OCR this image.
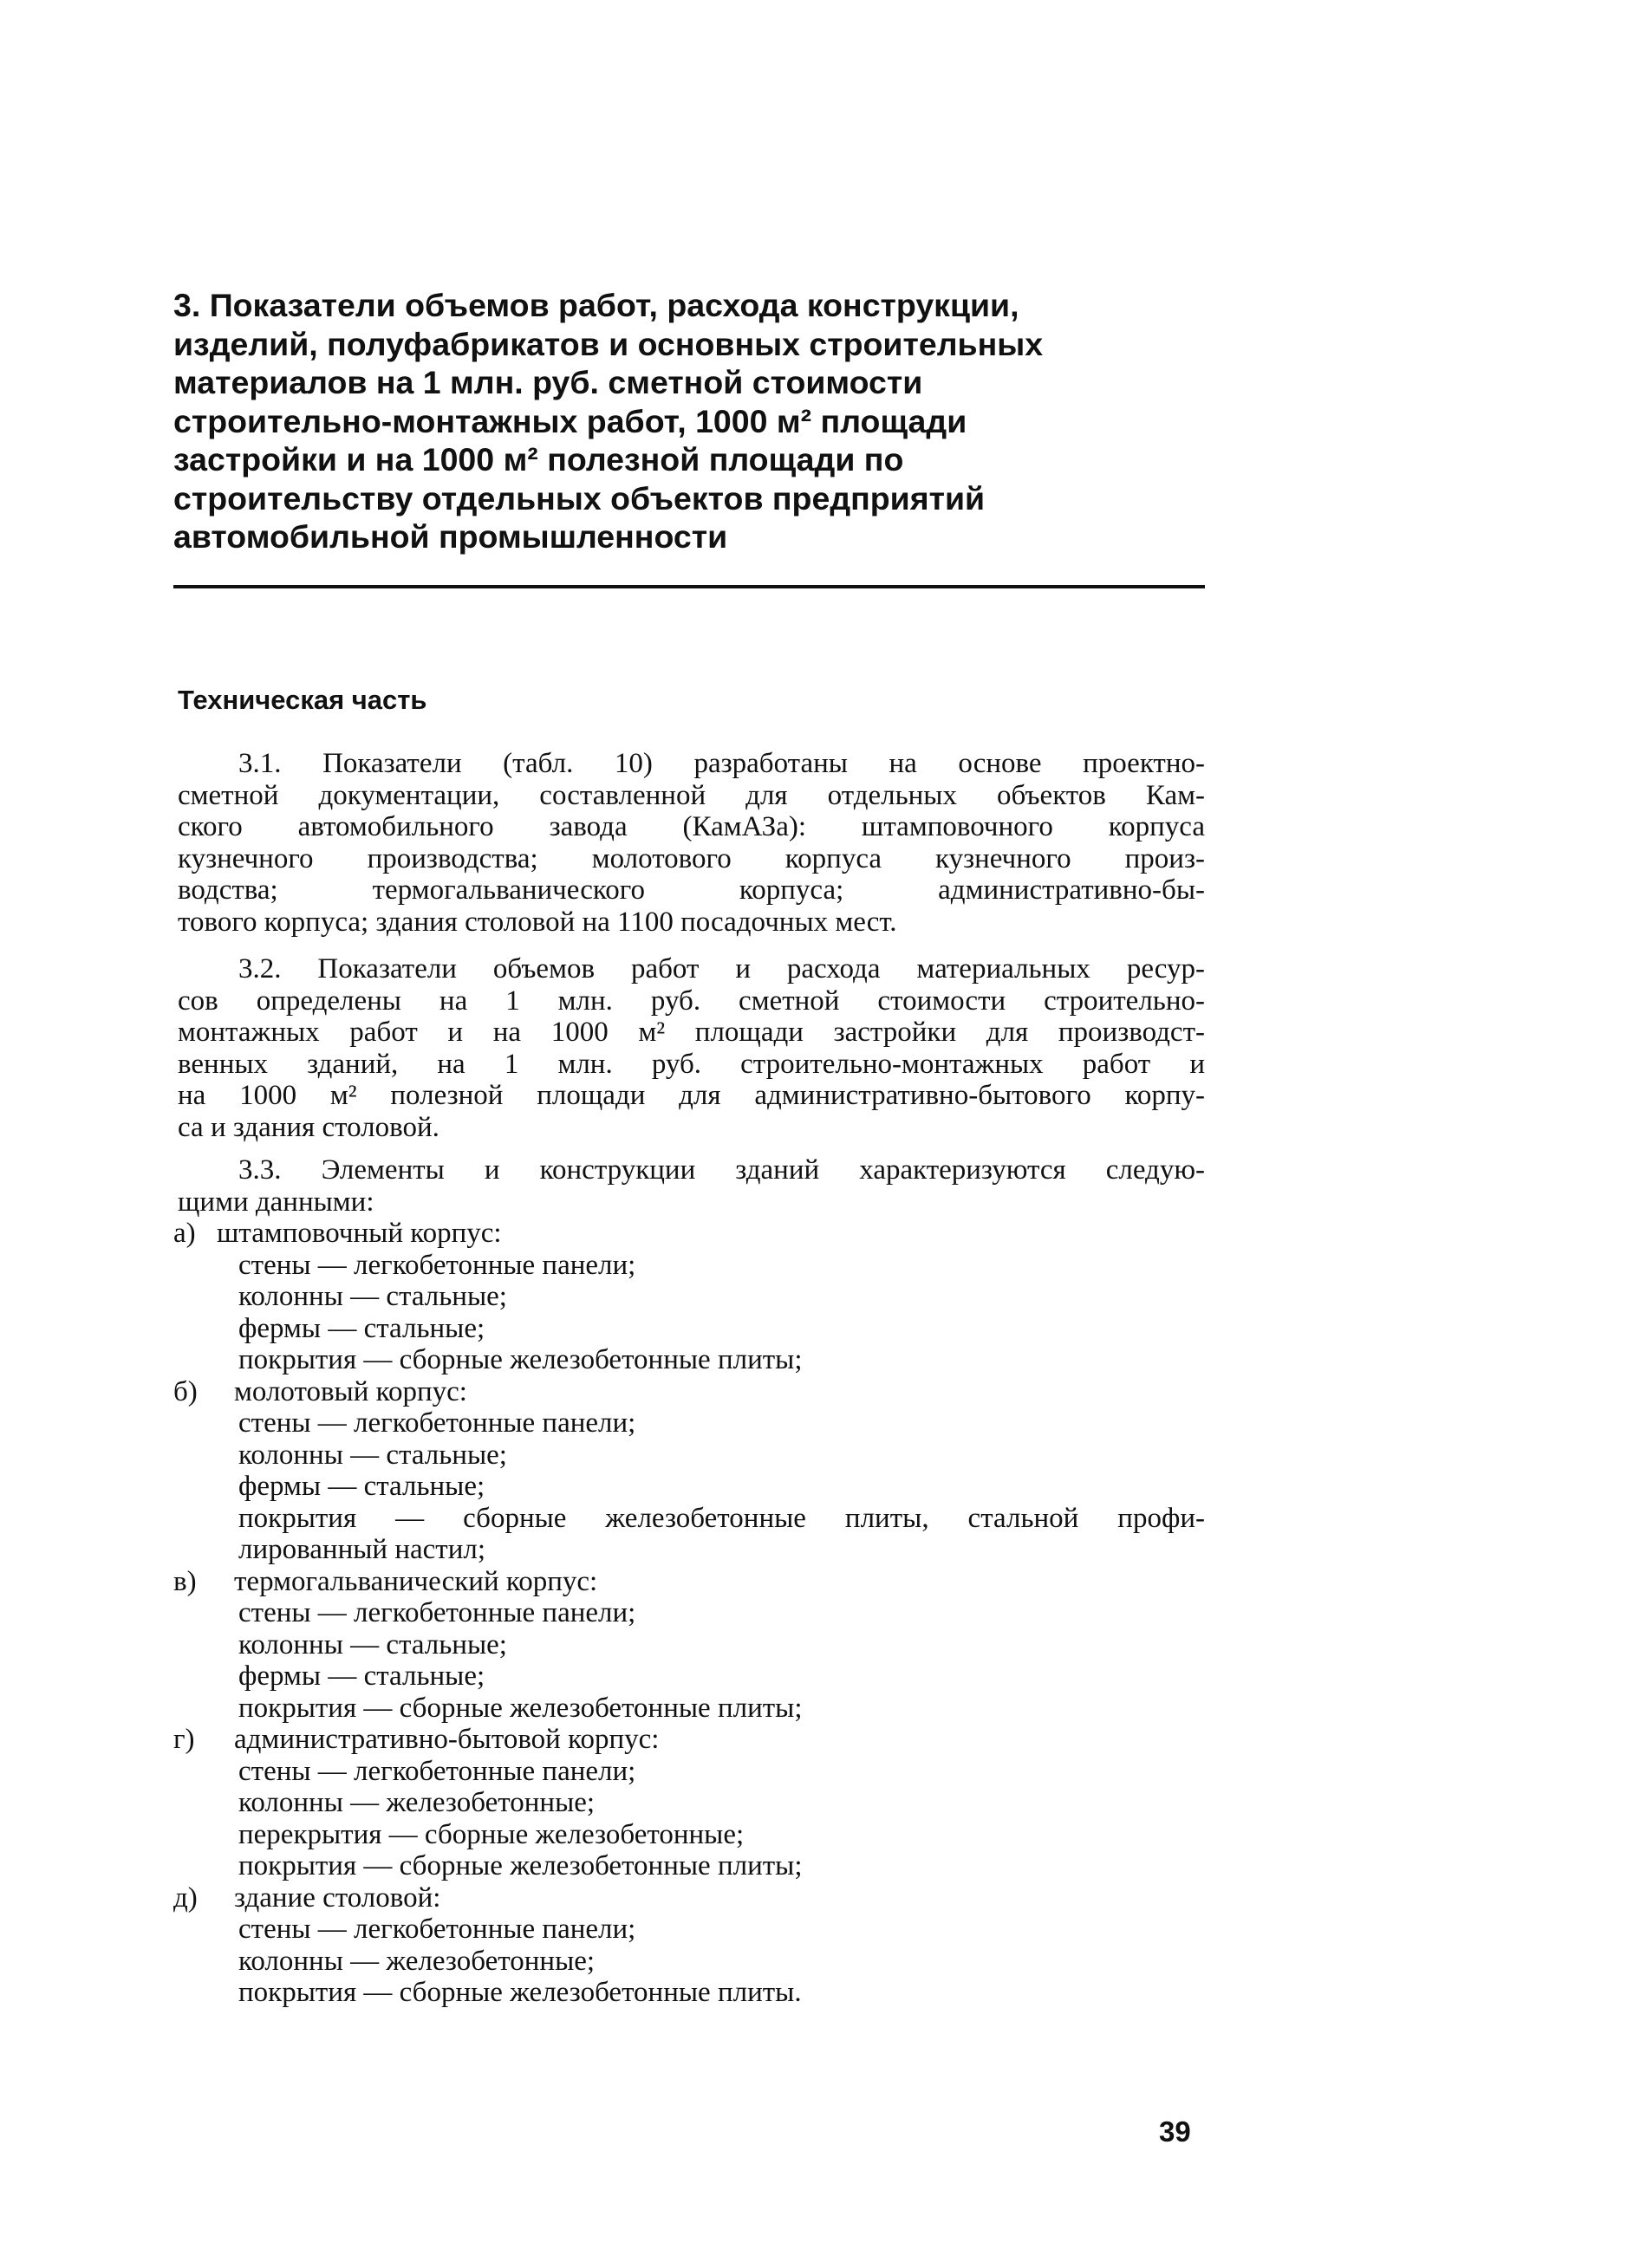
3. Показатели объемов работ, расхода конструкции,
изделий, полуфабрикатов и основных строительных
материалов на 1 млн. руб. сметной стоимости
строительно-монтажных работ, 1000 м² площади
застройки и на 1000 м² полезной площади по
строительству отдельных объектов предприятий
автомобильной промышленности
Техническая часть
3.1. Показатели (табл. 10) разработаны на основе проектно-
сметной документации, составленной для отдельных объектов Кам-
ского автомобильного завода (КамАЗа): штамповочного корпуса
кузнечного производства; молотового корпуса кузнечного произ-
водства; термогальванического корпуса; административно-бы-
тового корпуса; здания столовой на 1100 посадочных мест.
3.2. Показатели объемов работ и расхода материальных ресур-
сов определены на 1 млн. руб. сметной стоимости строительно-
монтажных работ и на 1000 м² площади застройки для производст-
венных зданий, на 1 млн. руб. строительно-монтажных работ и
на 1000 м² полезной площади для административно-бытового корпу-
са и здания столовой.
3.3. Элементы и конструкции зданий характеризуются следую-
щими данными:
а) штамповочный корпус:
стены — легкобетонные панели;
колонны — стальные;
фермы — стальные;
покрытия — сборные железобетонные плиты;
б)	молотовый корпус:
стены — легкобетонные панели;
колонны — стальные;
фермы — стальные;
покрытия — сборные железобетонные плиты, стальной профи-
лированный настил;
в)	термогальванический корпус:
стены — легкобетонные панели;
колонны — стальные;
фермы — стальные;
покрытия — сборные железобетонные плиты;
г)	административно-бытовой корпус:
стены — легкобетонные панели;
колонны — железобетонные;
перекрытия — сборные железобетонные;
покрытия — сборные железобетонные плиты;
д)	здание столовой:
стены — легкобетонные панели;
колонны — железобетонные;
покрытия — сборные железобетонные плиты.
39
